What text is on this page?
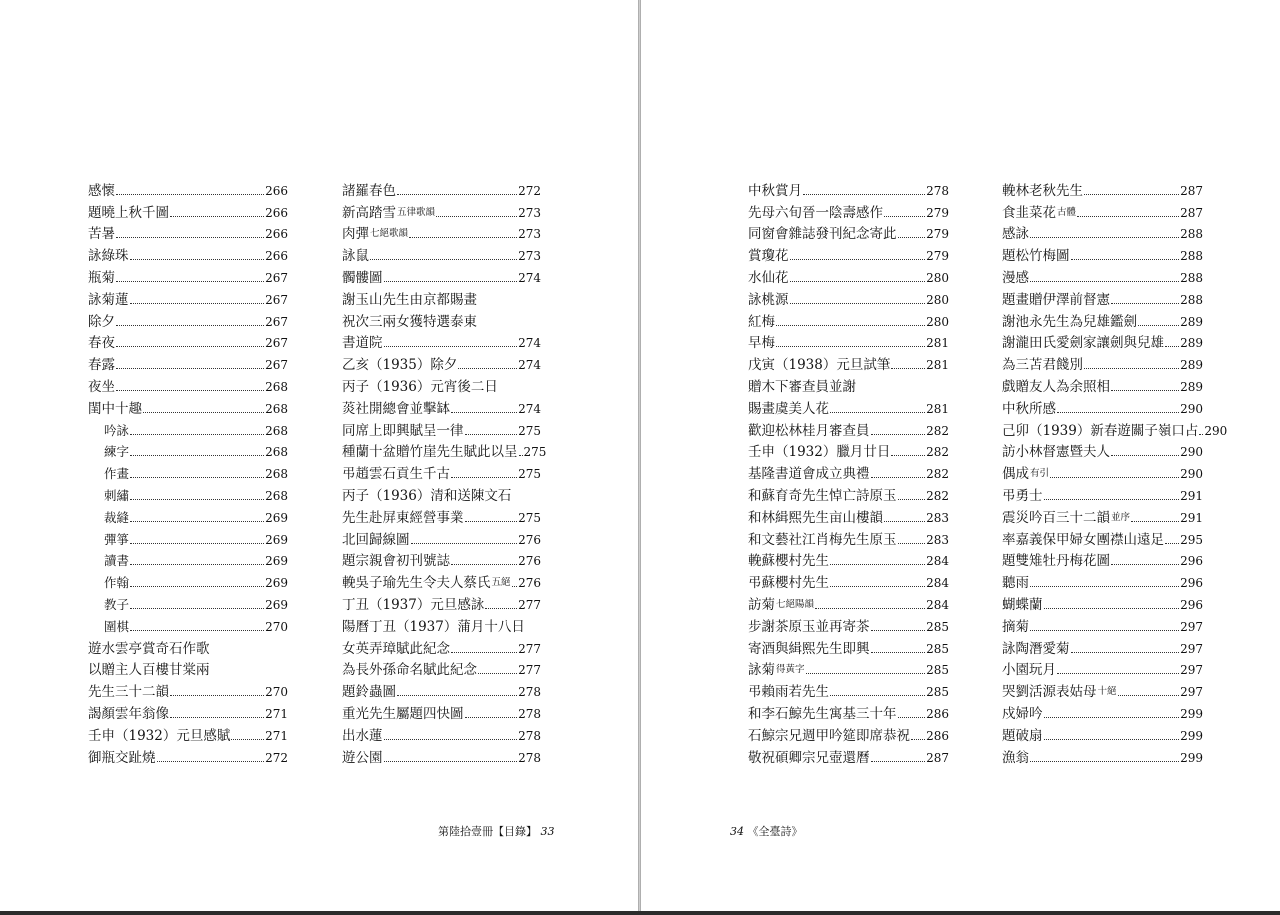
感懷	266
題曉上秋千圖	266
苦暑	266
詠綠珠	266
瓶菊	267
詠菊蓮	267
除夕	267
春夜	267
春露	267
夜坐	268
閨中十趣	268
吟詠	268
練字	268
作畫	268
刺繡	268
裁縫	269
彈箏	269
讀書	269
作翰	269
教子	269
圍棋	270
遊水雲亭賞奇石作歌
以贈主人百樓甘棠兩
先生三十二韻	270
謁顏雲年翁像	271
壬申（1932）元旦感賦	271
御瓶交趾燒	272
諸羅春色	272
新高踏雪 五律歌韻	273
肉彈 七絕歌韻	273
詠鼠	273
髑髏圖	274
謝玉山先生由京都賜畫
祝次三兩女獲特選泰東
書道院	274
乙亥（1935）除夕	274
丙子（1936）元宵後二日
菼社開總會並擊缽	274
同席上即興賦呈一律	275
種蘭十盆贈竹崖先生賦此以呈 275
弔趙雲石貢生千古	275
丙子（1936）清和送陳文石
先生赴屏東經營事業	275
北回歸線圖	276
題宗親會初刊號誌	276
輓吳子瑜先生令夫人蔡氏 五絕 276
丁丑（1937）元旦感詠	277
陽曆丁丑（1937）蒲月十八日
女英弄璋賦此紀念	277
為長外孫命名賦此紀念	277
題鈴蟲圖	278
重光先生屬題四快圖	278
出水蓮	278
遊公園	278
第陸拾壹冊【目錄】 33
中秋賞月	278
先母六旬晉一陰壽感作	279
同窗會雜誌發刊紀念寄此 279
賞瓊花	279
水仙花	280
詠桃源	280
紅梅	280
早梅	281
戊寅（1938）元旦試筆	281
贈木下審查員並謝
賜畫虞美人花	281
歡迎松林桂月審查員	282
壬申（1932）臘月廿日	282
基隆書道會成立典禮	282
和蘇育奇先生悼亡詩原玉 282
和林緝熙先生亩山樓韻	283
和文藝社江肖梅先生原玉 283
輓蘇櫻村先生	284
弔蘇櫻村先生	284
訪菊 七絕陽韻	284
步謝茶原玉並再寄茶	285
寄酒與緝熙先生即興	285
詠菊 得黃字	285
弔賴雨若先生	285
和李石鯨先生寓基三十年 286
石鯨宗兄週甲吟筵即席恭祝 286
敬祝碩卿宗兄壺還曆	287
輓林老秋先生	287
食韭菜花 古體	287
感詠	288
題松竹梅圖	288
漫感	288
題畫贈伊澤前督憲	288
謝池永先生為兒雄鑑劍	289
謝瀧田氏愛劍家讓劍與兒雄 289
為三苫君餞別	289
戲贈友人為余照相	289
中秋所感	290
己卯（1939）新春遊關子嶺口占 290
訪小林督憲暨夫人	290
偶成 有引	290
弔勇士	291
震災吟百三十二韻 並序	291
率嘉義保甲婦女團襟山遠足 295
題雙雉牡丹梅花圖	296
聽雨	296
蝴蝶蘭	296
摘菊	297
詠陶潛愛菊	297
小園玩月	297
哭劉活源表姑母 十絕	297
戍婦吟	299
題破扇	299
漁翁	299
34 《全臺詩》
